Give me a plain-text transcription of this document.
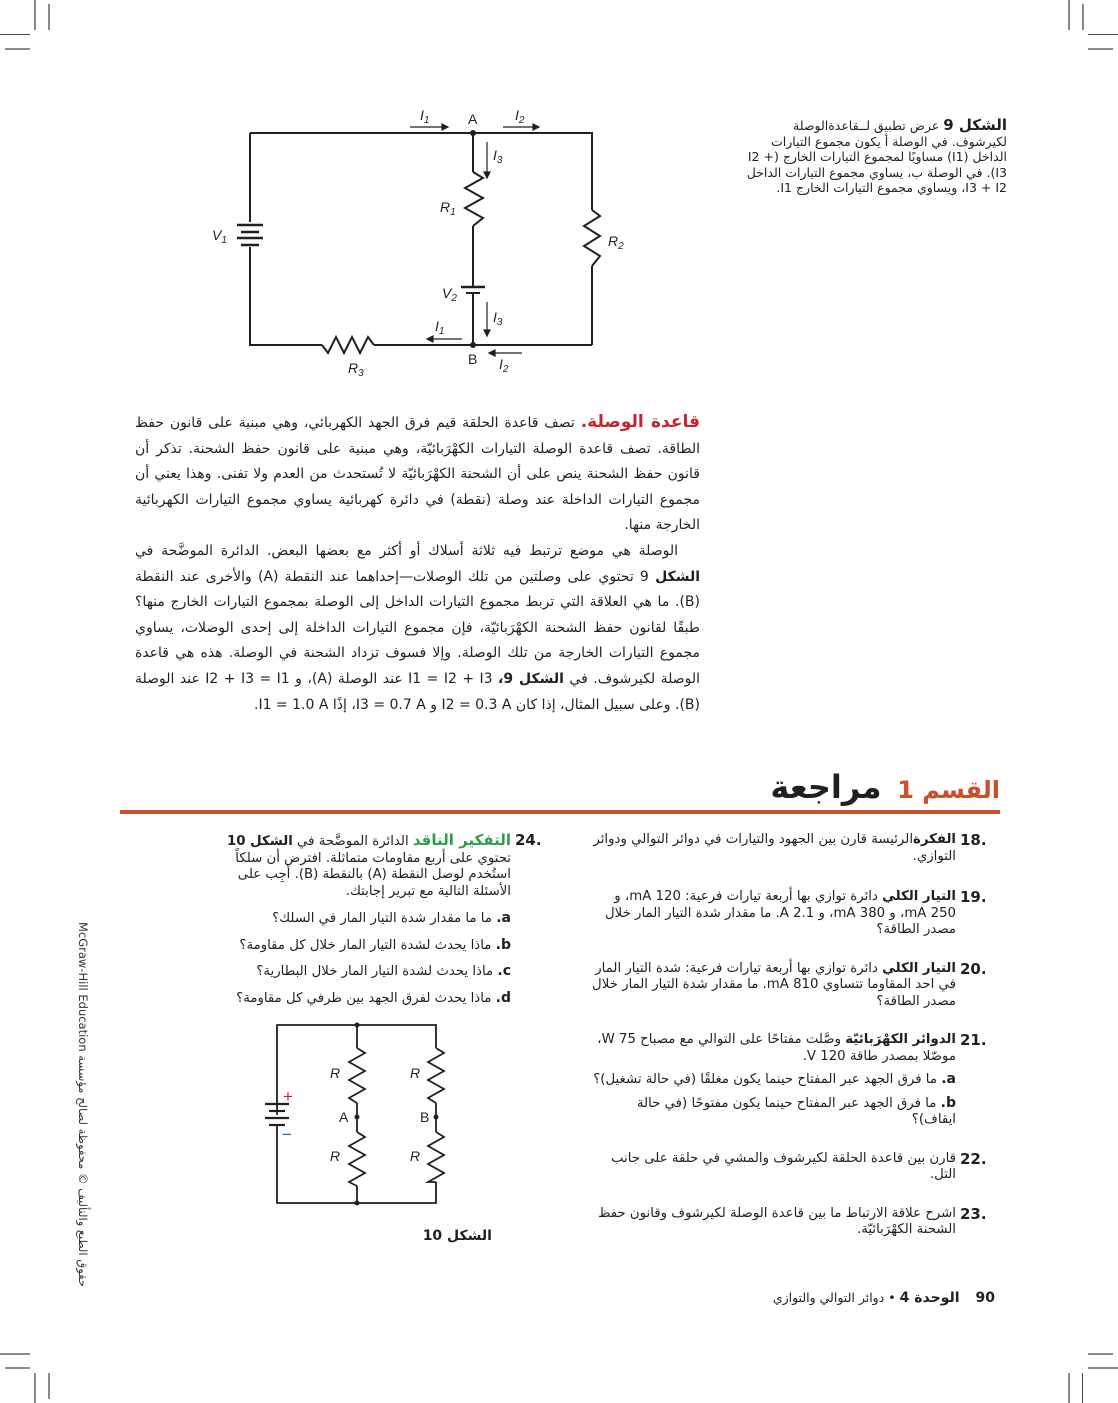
الشكل 9 عرض تطبيق لــقاعدةالوصلة لكيرشوف. في الوصلة أ يكون مجموع التيارات الداخل (I1) مساويًا لمجموع التيارات الخارج (I2 + I3). في الوصلة ب، يساوي مجموع التيارات الداخل I3 + I2، ويساوي مجموع التيارات الخارج I1.
$I_1$	A	$I_2$
$I_3$
$R_1$
$R_2$
$V_1$
$V_2$
$I_3$
$I_1$
B $I_2$
$R_3$

قاعدة الوصلة. تصف قاعدة الحلقة قيم فرق الجهد الكهربائي، وهي مبنية على قانون حفظ الطاقة. تصف قاعدة الوصلة التيارات الكهْرَبائيّة، وهي مبنية على قانون حفظ الشحنة. تذكر أن قانون حفظ الشحنة ينص على أن الشحنة الكهْرَبائيّة لا تُستحدث من العدم ولا تفنى. وهذا يعني أن مجموع التيارات الداخلة عند وصلة (نقطة) في دائرة كهربائية يساوي مجموع التيارات الكهربائية الخارجة منها.

الوصلة هي موضع ترتبط فيه ثلاثة أسلاك أو أكثر مع بعضها البعض. الدائرة الموضَّحة في الشكل 9 تحتوي على وصلتين من تلك الوصلات—إحداهما عند النقطة (A) والأخرى عند النقطة (B). ما هي العلاقة التي تربط مجموع التيارات الداخل إلى الوصلة بمجموع التيارات الخارج منها؟ طبقًا لقانون حفظ الشحنة الكهْرَبائيّة، فإن مجموع التيارات الداخلة إلى إحدى الوصلات، يساوي مجموع التيارات الخارجة من تلك الوصلة. وإلا فسوف تزداد الشحنة في الوصلة. هذه هي قاعدة الوصلة لكيرشوف. في الشكل 9، I1 = I2 + I3 عند الوصلة (A)، و I2 + I3 = I1 عند الوصلة (B). وعلى سبيل المثال، إذا كان I2 = 0.3 A و I3 = 0.7 A، إذًا I1 = 1.0 A.

القسم 1 مراجعة
18.
الفكرةالرئيسة قارن بين الجهود والتيارات في دوائر التوالي ودوائر التوازي.
19.
التيار الكلي دائرة توازي بها أربعة تيارات فرعية: 120 mA، و 250 mA، و 380 mA، و 2.1 A. ما مقدار شدة التيار المار خلال مصدر الطاقة؟
20.
التيار الكلي دائرة توازي بها أربعة تيارات فرعية: شدة التيار المار في احد المقاوما تتساوي 810 mA. ما مقدار شدة التيار المار خلال مصدر الطاقة؟
21.
الدوائر الكهْرَبائيّة وصَّلت مفتاحًا على التوالي مع مصباح 75 W، موصّلا بمصدر طاقة 120 V.
a. ما فرق الجهد عبر المفتاح حينما يكون مغلقًا (في حالة تشغيل)؟
b. ما فرق الجهد عبر المفتاح حينما يكون مفتوحًا (في حالة ايقاف)؟
22.
قارن بين قاعدة الحلقة لكيرشوف والمشي في حلقة على جانب التل.
23.
اشرح علاقة الارتباط ما بين قاعدة الوصلة لكيرشوف وقانون حفظ الشحنة الكهْرَبائيّة.
24.
التفكير الناقد الدائرة الموضَّحة في الشكل 10 تحتوي على أربع مقاومات متماثلة. افترض أن سلكاً استُخدم لوصل النقطة (A) بالنقطة (B). أجِب على الأسئلة التالية مع تبرير إجابتك.
a. ما ما مقدار شدة التيار المار في السلك؟
b. ماذا يحدث لشدة التيار المار خلال كل مقاومة؟
c. ماذا يحدث لشدة التيار المار خلال البطارية؟
d. ماذا يحدث لفرق الجهد بين طرفي كل مقاومة؟
R	R
R	R
A	B
+
−
الشكل 10
McGraw-Hill Education حقوق الطبع والتأليف © محفوظة لصالح مؤسسة
90 الوحدة 4 • دوائر التوالي والتوازي
